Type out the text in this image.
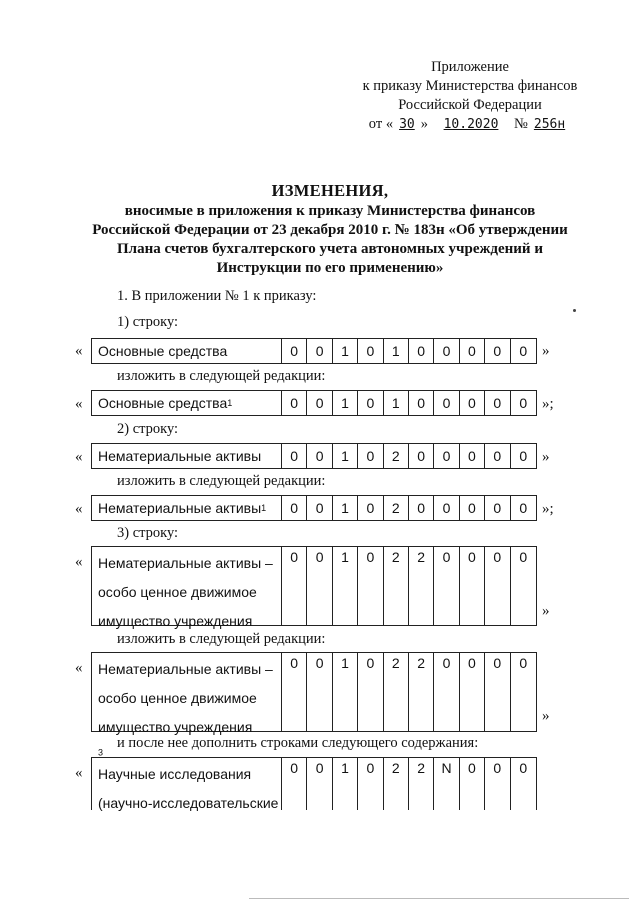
Приложение
к приказу Министерства финансов
Российской Федерации
от « 30 » 10.2020 № 256н
ИЗМЕНЕНИЯ,
вносимые в приложения к приказу Министерства финансов
Российской Федерации от 23 декабря 2010 г. № 183н «Об утверждении
Плана счетов бухгалтерского учета автономных учреждений и
Инструкции по его применению»
1. В приложении № 1 к приказу:
1) строку:
изложить в следующей редакции:
2) строку:
изложить в следующей редакции:
3) строку:
изложить в следующей редакции:
и после нее дополнить строками следующего содержания:
« Основные средства	0	0	1	0	1	0	0	0	0	0 »
« Основные средства 1	0	0	1	0	1	0	0	0	0	0 »;
« Нематериальные активы	0	0	1	0	2	0	0	0	0	0 »
« Нематериальные активы 1	0	0	1	0	2	0	0	0	0	0 »;
« Нематериальные активы –
особо ценное движимое
имущество учреждения
0	0	1	0	2	2	0	0	0	0
»
« Нематериальные активы –
особо ценное движимое
имущество учреждения
$^3$
0	0	1	0	2	2	0	0	0	0
»
« Научные исследования
(научно-исследовательские
0	0	1	0	2	2	N	0	0	0
